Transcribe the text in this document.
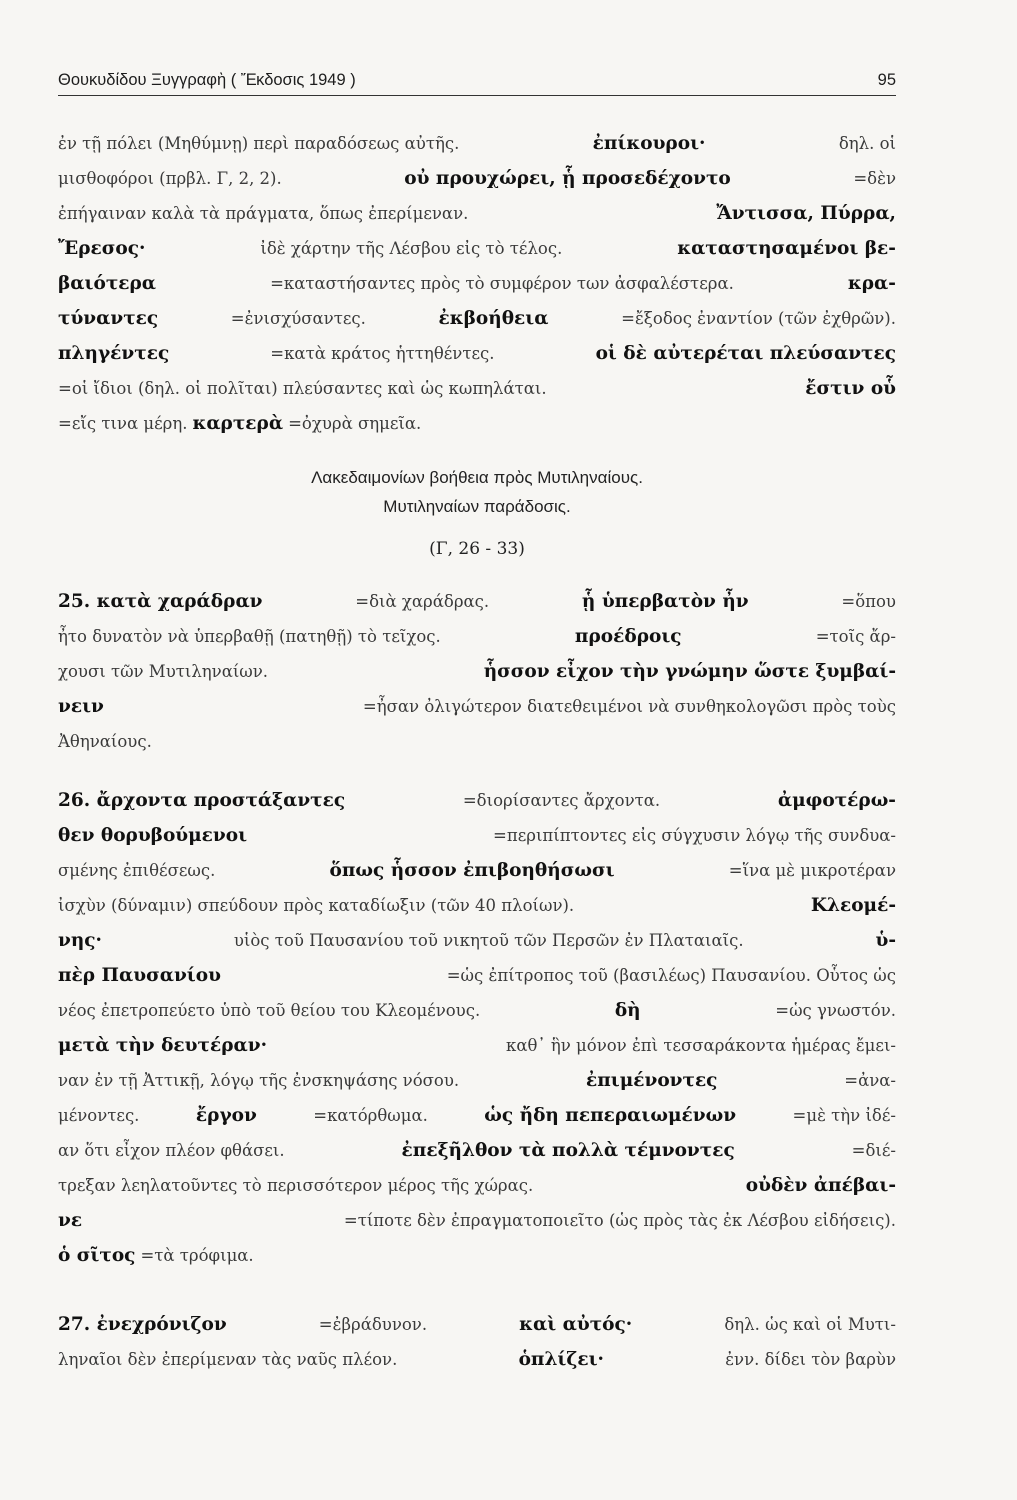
Θουκυδίδου Ξυγγραφὴ ( Ἔκδοσις 1949 )	95
ἐν τῇ πόλει (Μηθύμνῃ) περὶ παραδόσεως αὐτῆς.	ἐπίκουροι·	δηλ. οἱ
μισθοφόροι (πρβλ. Γ, 2, 2).	οὐ προυχώρει, ᾗ προσεδέχοντο	=δὲν
ἐπήγαιναν καλὰ τὰ πράγματα, ὅπως ἐπερίμεναν.	Ἄντισσα, Πύρρα,
Ἔρεσος·	ἰδὲ χάρτην τῆς Λέσβου εἰς τὸ τέλος.	καταστησαμένοι βε-
βαιότερα	=καταστήσαντες πρὸς τὸ συμφέρον των ἀσφαλέστερα.	κρα-
τύναντες	=ἐνισχύσαντες.	ἐκβοήθεια	=ἔξοδος ἐναντίον (τῶν ἐχθρῶν).
πληγέντες	=κατὰ κράτος ἡττηθέντες.	οἱ δὲ αὐτερέται πλεύσαντες
=οἱ ἴδιοι (δηλ. οἱ πολῖται) πλεύσαντες καὶ ὡς κωπηλάται.	ἔστιν οὗ
=εἴς τινα μέρη. καρτερὰ =ὀχυρὰ σημεῖα.
Λακεδαιμονίων βοήθεια πρὸς Μυτιληναίους.
Μυτιληναίων παράδοσις.
(Γ, 26 - 33)
25. κατὰ χαράδραν	=διὰ χαράδρας.	ᾗ ὑπερβατὸν ἦν	=ὅπου
ἦτο δυνατὸν νὰ ὑπερβαθῇ (πατηθῇ) τὸ τεῖχος.	προέδροις	=τοῖς ἄρ-
χουσι τῶν Μυτιληναίων.	ἧσσον εἶχον τὴν γνώμην ὥστε ξυμβαί-
νειν	=ἦσαν ὀλιγώτερον διατεθειμένοι νὰ συνθηκολογῶσι πρὸς τοὺς
Ἀθηναίους.
26. ἄρχοντα προστάξαντες	=διορίσαντες ἄρχοντα.	ἀμφοτέρω-
θεν θορυβούμενοι	=περιπίπτοντες εἰς σύγχυσιν λόγῳ τῆς συνδυα-
σμένης ἐπιθέσεως.	ὅπως ἧσσον ἐπιβοηθήσωσι	=ἵνα μὲ μικροτέραν
ἰσχὺν (δύναμιν) σπεύδουν πρὸς καταδίωξιν (τῶν 40 πλοίων).	Κλεομέ-
νης·	υἱὸς τοῦ Παυσανίου τοῦ νικητοῦ τῶν Περσῶν ἐν Πλαταιαῖς.	ὑ-
πὲρ Παυσανίου	=ὡς ἐπίτροπος τοῦ (βασιλέως) Παυσανίου. Οὗτος ὡς
νέος ἐπετροπεύετο ὑπὸ τοῦ θείου του Κλεομένους.	δὴ	=ὡς γνωστόν.
μετὰ τὴν δευτέραν·	καθ᾿ ἣν μόνον ἐπὶ τεσσαράκοντα ἡμέρας ἔμει-
ναν ἐν τῇ Ἀττικῇ, λόγῳ τῆς ἐνσκηψάσης νόσου.	ἐπιμένοντες	=ἀνα-
μένοντες.	ἔργον	=κατόρθωμα.	ὡς ἤδη πεπεραιωμένων	=μὲ τὴν ἰδέ-
αν ὅτι εἶχον πλέον φθάσει.	ἐπεξῆλθον τὰ πολλὰ τέμνοντες	=διέ-
τρεξαν λεηλατοῦντες τὸ περισσότερον μέρος τῆς χώρας.	οὐδὲν ἀπέβαι-
νε	=τίποτε δὲν ἐπραγματοποιεῖτο (ὡς πρὸς τὰς ἐκ Λέσβου εἰδήσεις).
ὁ σῖτος =τὰ τρόφιμα.
27. ἐνεχρόνιζον	=ἐβράδυνον.	καὶ αὐτός·	δηλ. ὡς καὶ οἱ Μυτι-
ληναῖοι δὲν ἐπερίμεναν τὰς ναῦς πλέον.	ὁπλίζει·	ἐνν. δίδει τὸν βαρὺν
